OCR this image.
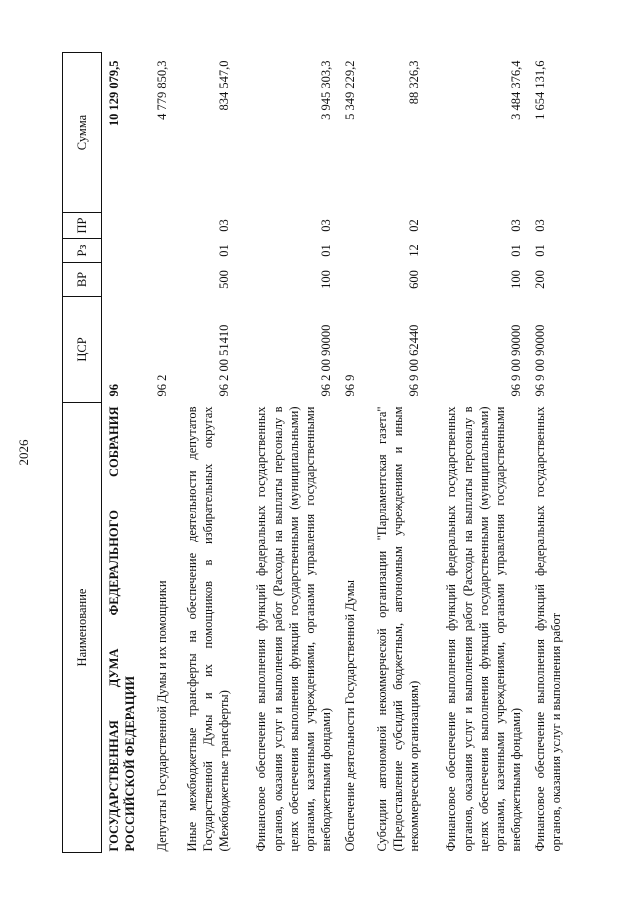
2026
Наименование	ЦСР	ВР	Рз	ПР	Сумма
ГОСУДАРСТВЕННАЯ ДУМА ФЕДЕРАЛЬНОГО СОБРАНИЯ РОССИЙСКОЙ ФЕДЕРАЦИИ	96				10 129 079,5
Депутаты Государственной Думы и их помощники	96 2				4 779 850,3
Иные межбюджетные трансферты на обеспечение деятельности депутатов Государственной Думы и их помощников в избирательных округах (Межбюджетные трансферты)	96 2 00 51410	500	01	03	834 547,0
Финансовое обеспечение выполнения функций федеральных государственных органов, оказания услуг и выполнения работ (Расходы на выплаты персоналу в целях обеспечения выполнения функций государственными (муниципальными) органами, казенными учреждениями, органами управления государственными внебюджетными фондами)	96 2 00 90000	100	01	03	3 945 303,3
Обеспечение деятельности Государственной Думы	96 9				5 349 229,2
Субсидии автономной некоммерческой организации "Парламентская газета" (Предоставление субсидий бюджетным, автономным учреждениям и иным некоммерческим организациям)	96 9 00 62440	600	12	02	88 326,3
Финансовое обеспечение выполнения функций федеральных государственных органов, оказания услуг и выполнения работ (Расходы на выплаты персоналу в целях обеспечения выполнения функций государственными (муниципальными) органами, казенными учреждениями, органами управления государственными внебюджетными фондами)	96 9 00 90000	100	01	03	3 484 376,4
Финансовое обеспечение выполнения функций федеральных государственных органов, оказания услуг и выполнения работ	96 9 00 90000	200	01	03	1 654 131,6
